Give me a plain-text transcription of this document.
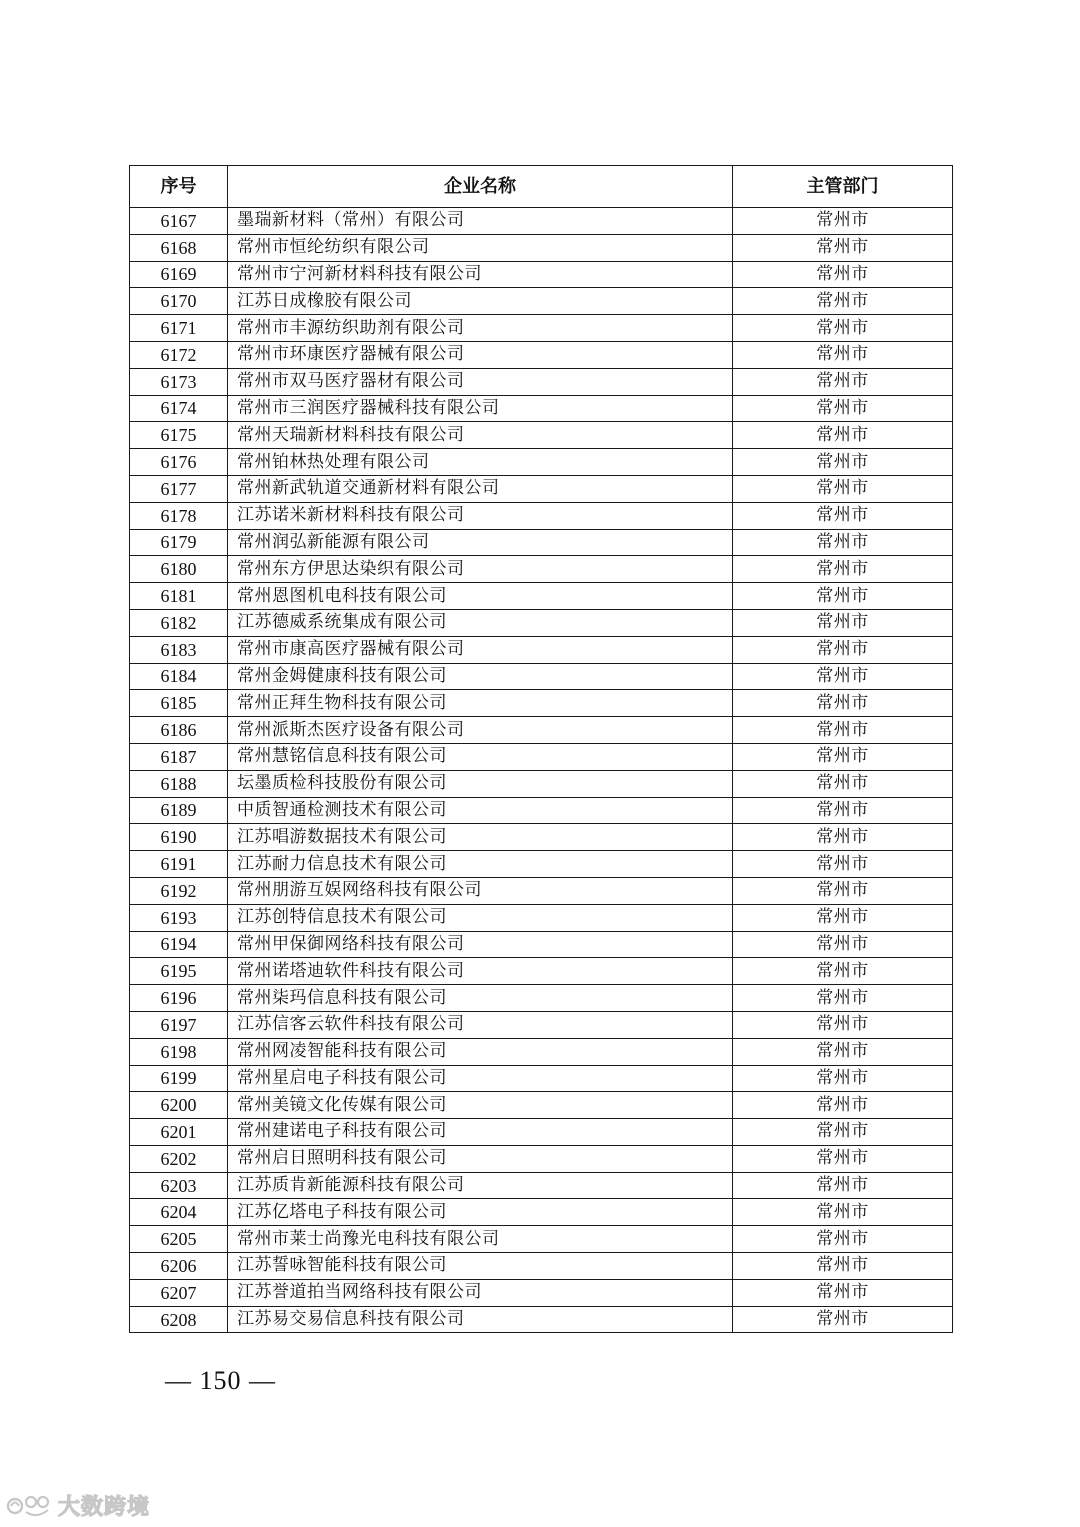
序号	企业名称	主管部门
6167	墨瑞新材料（常州）有限公司	常州市
6168	常州市恒纶纺织有限公司	常州市
6169	常州市宁河新材料科技有限公司	常州市
6170	江苏日成橡胶有限公司	常州市
6171	常州市丰源纺织助剂有限公司	常州市
6172	常州市环康医疗器械有限公司	常州市
6173	常州市双马医疗器材有限公司	常州市
6174	常州市三润医疗器械科技有限公司	常州市
6175	常州天瑞新材料科技有限公司	常州市
6176	常州铂林热处理有限公司	常州市
6177	常州新武轨道交通新材料有限公司	常州市
6178	江苏诺米新材料科技有限公司	常州市
6179	常州润弘新能源有限公司	常州市
6180	常州东方伊思达染织有限公司	常州市
6181	常州恩图机电科技有限公司	常州市
6182	江苏德威系统集成有限公司	常州市
6183	常州市康高医疗器械有限公司	常州市
6184	常州金姆健康科技有限公司	常州市
6185	常州正拜生物科技有限公司	常州市
6186	常州派斯杰医疗设备有限公司	常州市
6187	常州慧铭信息科技有限公司	常州市
6188	坛墨质检科技股份有限公司	常州市
6189	中质智通检测技术有限公司	常州市
6190	江苏唱游数据技术有限公司	常州市
6191	江苏耐力信息技术有限公司	常州市
6192	常州朋游互娱网络科技有限公司	常州市
6193	江苏创特信息技术有限公司	常州市
6194	常州甲保御网络科技有限公司	常州市
6195	常州诺塔迪软件科技有限公司	常州市
6196	常州柒玛信息科技有限公司	常州市
6197	江苏信客云软件科技有限公司	常州市
6198	常州网凌智能科技有限公司	常州市
6199	常州星启电子科技有限公司	常州市
6200	常州美镜文化传媒有限公司	常州市
6201	常州建诺电子科技有限公司	常州市
6202	常州启日照明科技有限公司	常州市
6203	江苏质肯新能源科技有限公司	常州市
6204	江苏亿塔电子科技有限公司	常州市
6205	常州市莱士尚豫光电科技有限公司	常州市
6206	江苏誓咏智能科技有限公司	常州市
6207	江苏誉道拍当网络科技有限公司	常州市
6208	江苏易交易信息科技有限公司	常州市
— 150 —
大数跨境
